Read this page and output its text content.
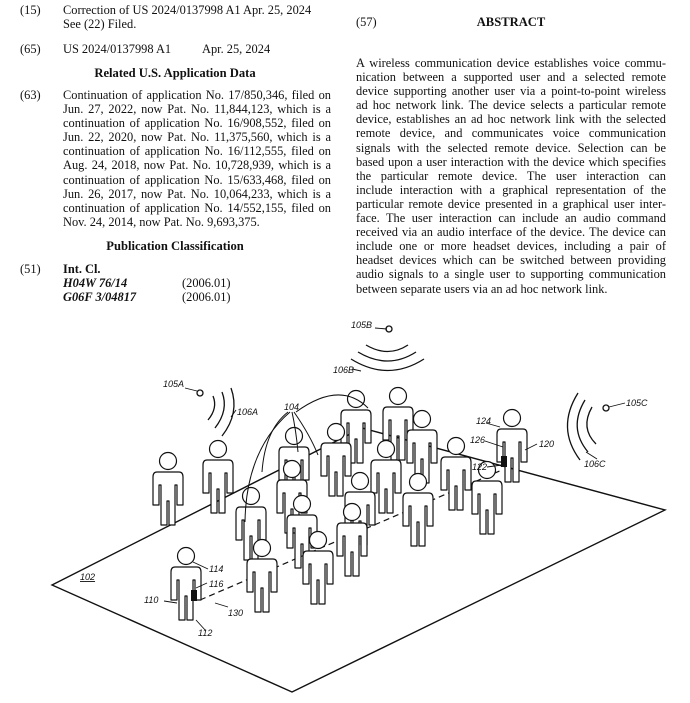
(15) Correction of US 2024/0137998 A1 Apr. 25, 2024
See (22) Filed.
(65) US 2024/0137998 A1 Apr. 25, 2024
Related U.S. Application Data
(63) Continuation of application No. 17/850,346, filed on
Jun. 27, 2022, now Pat. No. 11,844,123, which is a
continuation of application No. 16/908,552, filed on
Jun. 22, 2020, now Pat. No. 11,375,560, which is a
continuation of application No. 16/112,555, filed on
Aug. 24, 2018, now Pat. No. 10,728,939, which is a
continuation of application No. 15/633,468, filed on
Jun. 26, 2017, now Pat. No. 10,064,233, which is a
continuation of application No. 14/552,155, filed on
Nov. 24, 2014, now Pat. No. 9,693,375.
Publication Classification
(51) Int. Cl.
H04W 76/14	(2006.01)
G06F 3/04817	(2006.01)
(57)	ABSTRACT
A wireless communication device establishes voice commu-
nication between a supported user and a selected remote
device supporting another user via a point-to-point wireless
ad hoc network link. The device selects a particular remote
device, establishes an ad hoc network link with the selected
remote device, and communicates voice communication
signals with the selected remote device. Selection can be
based upon a user interaction with the device which specifies
the particular remote device. The user interaction can
include interaction with a graphical representation of the
particular remote device presented in a graphical user inter-
face. The user interaction can include an audio command
received via an audio interface of the device. The device can
include one or more headset devices, including a pair of
headset devices which can be switched between providing
audio signals to a single user to supporting communication
between separate users via an ad hoc network link.
102
104
105A
105B
105C
106A
106B
106C
110
112
114
116
120
122
124
126
130
